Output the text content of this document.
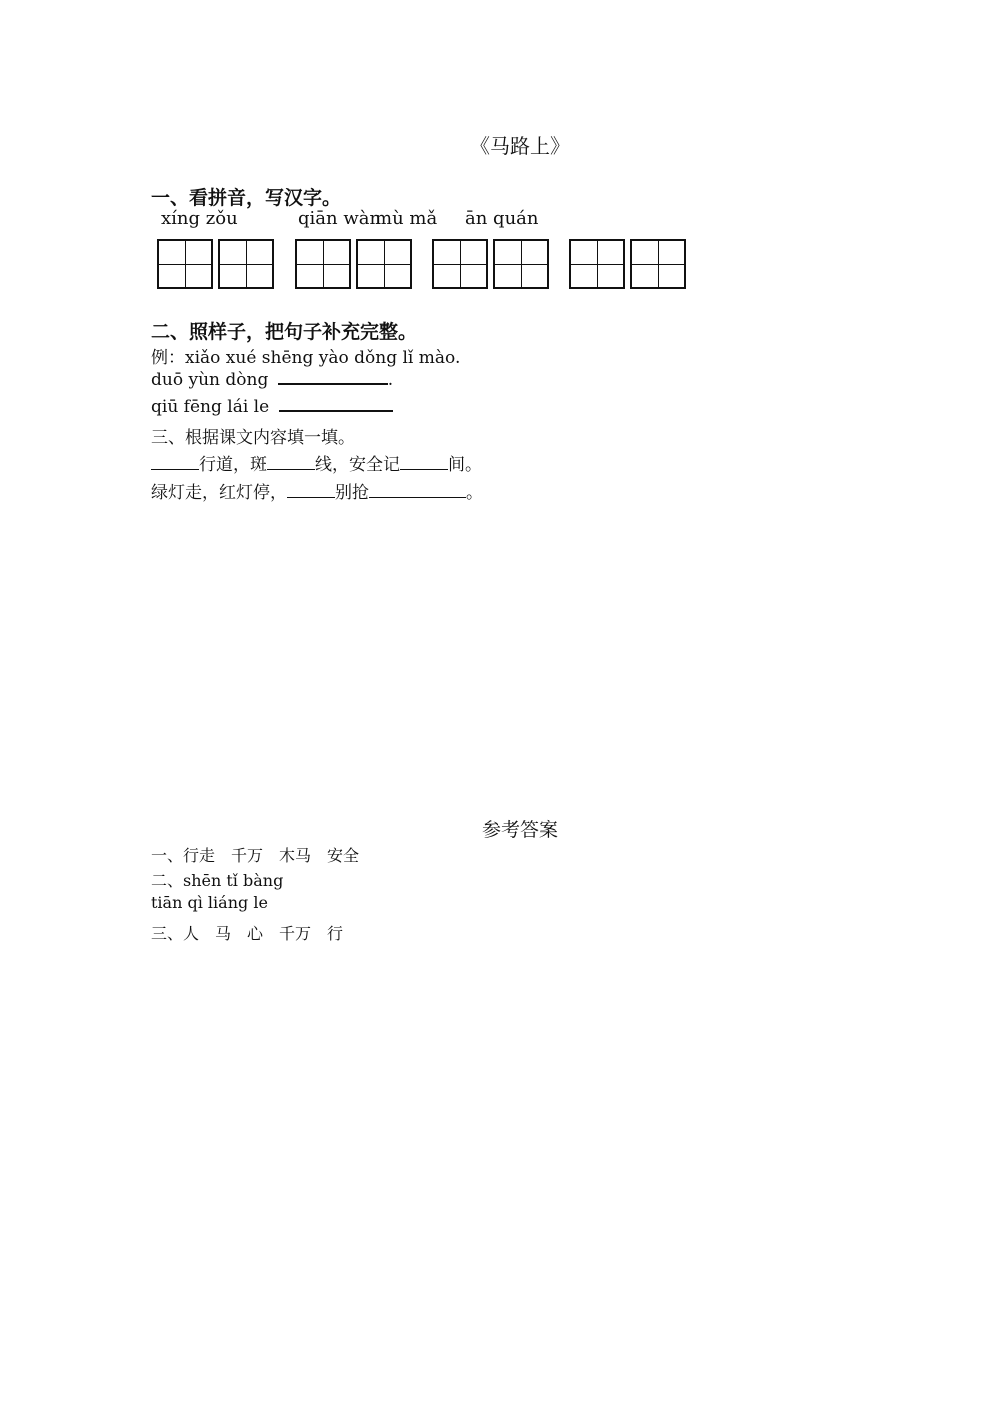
《马路上》
一、看拼音，写汉字。
xíng zǒu	qiān wàn
mù mǎ ān quán
二、照样子，把句子补充完整。
例：xiǎo xué shēng yào dǒng lǐ mào.
duō yùn dòng	.
qiū fēng lái le
三、根据课文内容填一填。
行道，斑	线，安全记	间。
绿灯走，红灯停，	别抢	。
参考答案
一、行走　千万　木马　安全
二、shēn tǐ bàng
tiān qì liáng le
三、人　马　心　千万　行
